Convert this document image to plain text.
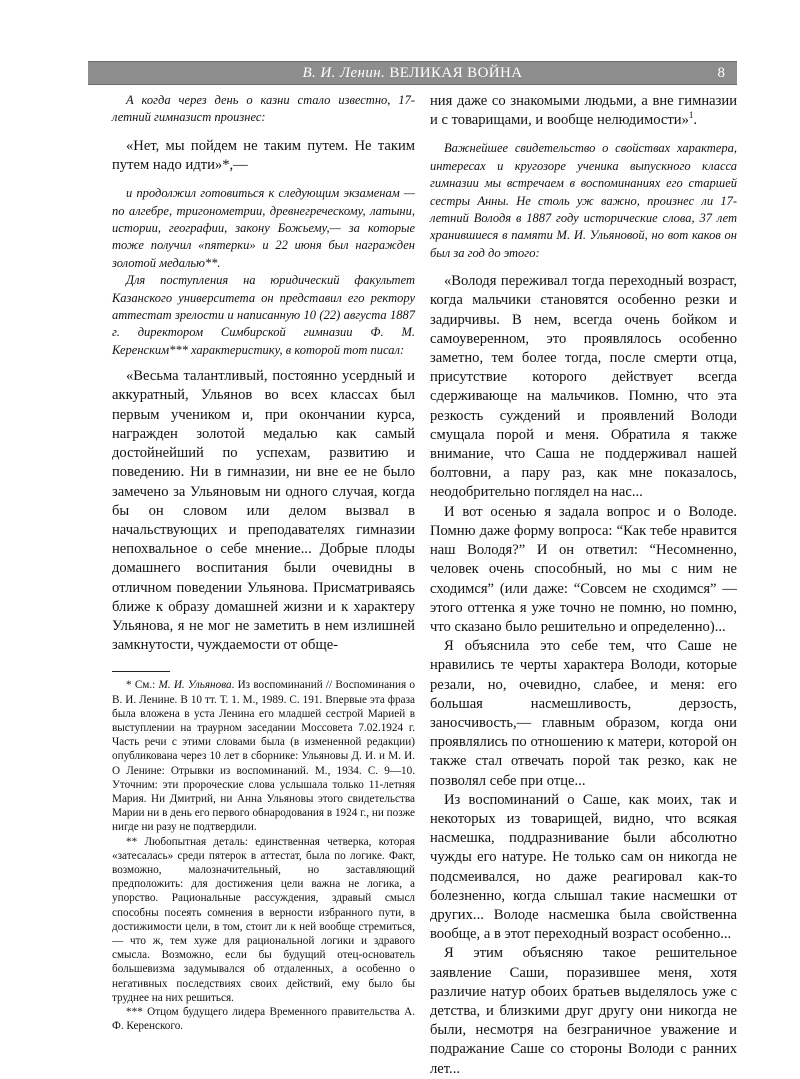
В. И. Ленин. ВЕЛИКАЯ ВОЙНА	8

А когда через день о казни стало известно, 17-летний гимназист произнес:

«Нет, мы пойдем не таким путем. Не таким путем надо идти»*,—

и продолжил готовиться к следующим экзаменам — по алгебре, тригонометрии, древнегреческому, латыни, истории, географии, закону Божьему,— за которые тоже получил «пятерки» и 22 июня был награжден золотой медалью**.

Для поступления на юридический факультет Казанского университета он представил его ректору аттестат зрелости и написанную 10 (22) августа 1887 г. директором Симбирской гимназии Ф. М. Керенским*** характеристику, в которой тот писал:

«Весьма талантливый, постоянно усердный и аккуратный, Ульянов во всех классах был первым учеником и, при окончании курса, награжден золотой медалью как самый достойнейший по успехам, развитию и поведению. Ни в гимназии, ни вне ее не было замечено за Ульяновым ни одного случая, когда бы он словом или делом вызвал в начальствующих и преподавателях гимназии непохвальное о себе мнение... Добрые плоды домашнего воспитания были очевидны в отличном поведении Ульянова. Присматриваясь ближе к образу домашней жизни и к характеру Ульянова, я не мог не заметить в нем излишней замкнутости, чуждаемости от обще-

* См.: М. И. Ульянова. Из воспоминаний // Воспоминания о В. И. Ленине. В 10 тт. Т. 1. М., 1989. С. 191. Впервые эта фраза была вложена в уста Ленина его младшей сестрой Марией в выступлении на траурном заседании Моссовета 7.02.1924 г. Часть речи с этими словами была (в измененной редакции) опубликована через 10 лет в сборнике: Ульяновы Д. И. и М. И. О Ленине: Отрывки из воспоминаний. М., 1934. С. 9—10. Уточним: эти пророческие слова услышала только 11-летняя Мария. Ни Дмитрий, ни Анна Ульяновы этого свидетельства Марии ни в день его первого обнародования в 1924 г., ни позже нигде ни разу не подтвердили.

** Любопытная деталь: единственная четверка, которая «затесалась» среди пятерок в аттестат, была по логике. Факт, возможно, малозначительный, но заставляющий предположить: для достижения цели важна не логика, а упорство. Рациональные рассуждения, здравый смысл способны посеять сомнения в верности избранного пути, в достижимости цели, в том, стоит ли к ней вообще стремиться,— что ж, тем хуже для рациональной логики и здравого смысла. Возможно, если бы будущий отец-основатель большевизма задумывался об отдаленных, а особенно о негативных последствиях своих действий, ему было бы труднее на них решиться.

*** Отцом будущего лидера Временного правительства А. Ф. Керенского.

ния даже со знакомыми людьми, а вне гимназии и с товарищами, и вообще нелюдимости»$^1$.

Важнейшее свидетельство о свойствах характера, интересах и кругозоре ученика выпускного класса гимназии мы встречаем в воспоминаниях его старшей сестры Анны. Не столь уж важно, произнес ли 17-летний Володя в 1887 году исторические слова, 37 лет хранившиеся в памяти М. И. Ульяновой, но вот каков он был за год до этого:

«Володя переживал тогда переходный возраст, когда мальчики становятся особенно резки и задирчивы. В нем, всегда очень бойком и самоуверенном, это проявлялось особенно заметно, тем более тогда, после смерти отца, присутствие которого действует всегда сдерживающе на мальчиков. Помню, что эта резкость суждений и проявлений Володи смущала порой и меня. Обратила я также внимание, что Саша не поддерживал нашей болтовни, а пару раз, как мне показалось, неодобрительно поглядел на нас...

И вот осенью я задала вопрос и о Володе. Помню даже форму вопроса: “Как тебе нравится наш Володя?” И он ответил: “Несомненно, человек очень способный, но мы с ним не сходимся” (или даже: “Совсем не сходимся” — этого оттенка я уже точно не помню, но помню, что сказано было решительно и определенно)...

Я объяснила это себе тем, что Саше не нравились те черты характера Володи, которые резали, но, очевидно, слабее, и меня: его большая насмешливость, дерзость, заносчивость,— главным образом, когда они проявлялись по отношению к матери, которой он также стал отвечать порой так резко, как не позволял себе при отце...

Из воспоминаний о Саше, как моих, так и некоторых из товарищей, видно, что всякая насмешка, поддразнивание были абсолютно чужды его натуре. Не только сам он никогда не подсмеивался, но даже реагировал как-то болезненно, когда слышал такие насмешки от других... Володе насмешка была свойственна вообще, а в этот переходный возраст особенно...

Я этим объясняю такое решительное заявление Саши, поразившее меня, хотя различие натур обоих братьев выделялось уже с детства, и близкими друг другу они никогда не были, несмотря на безграничное уважение и подражание Саше со стороны Володи с ранних лет...
